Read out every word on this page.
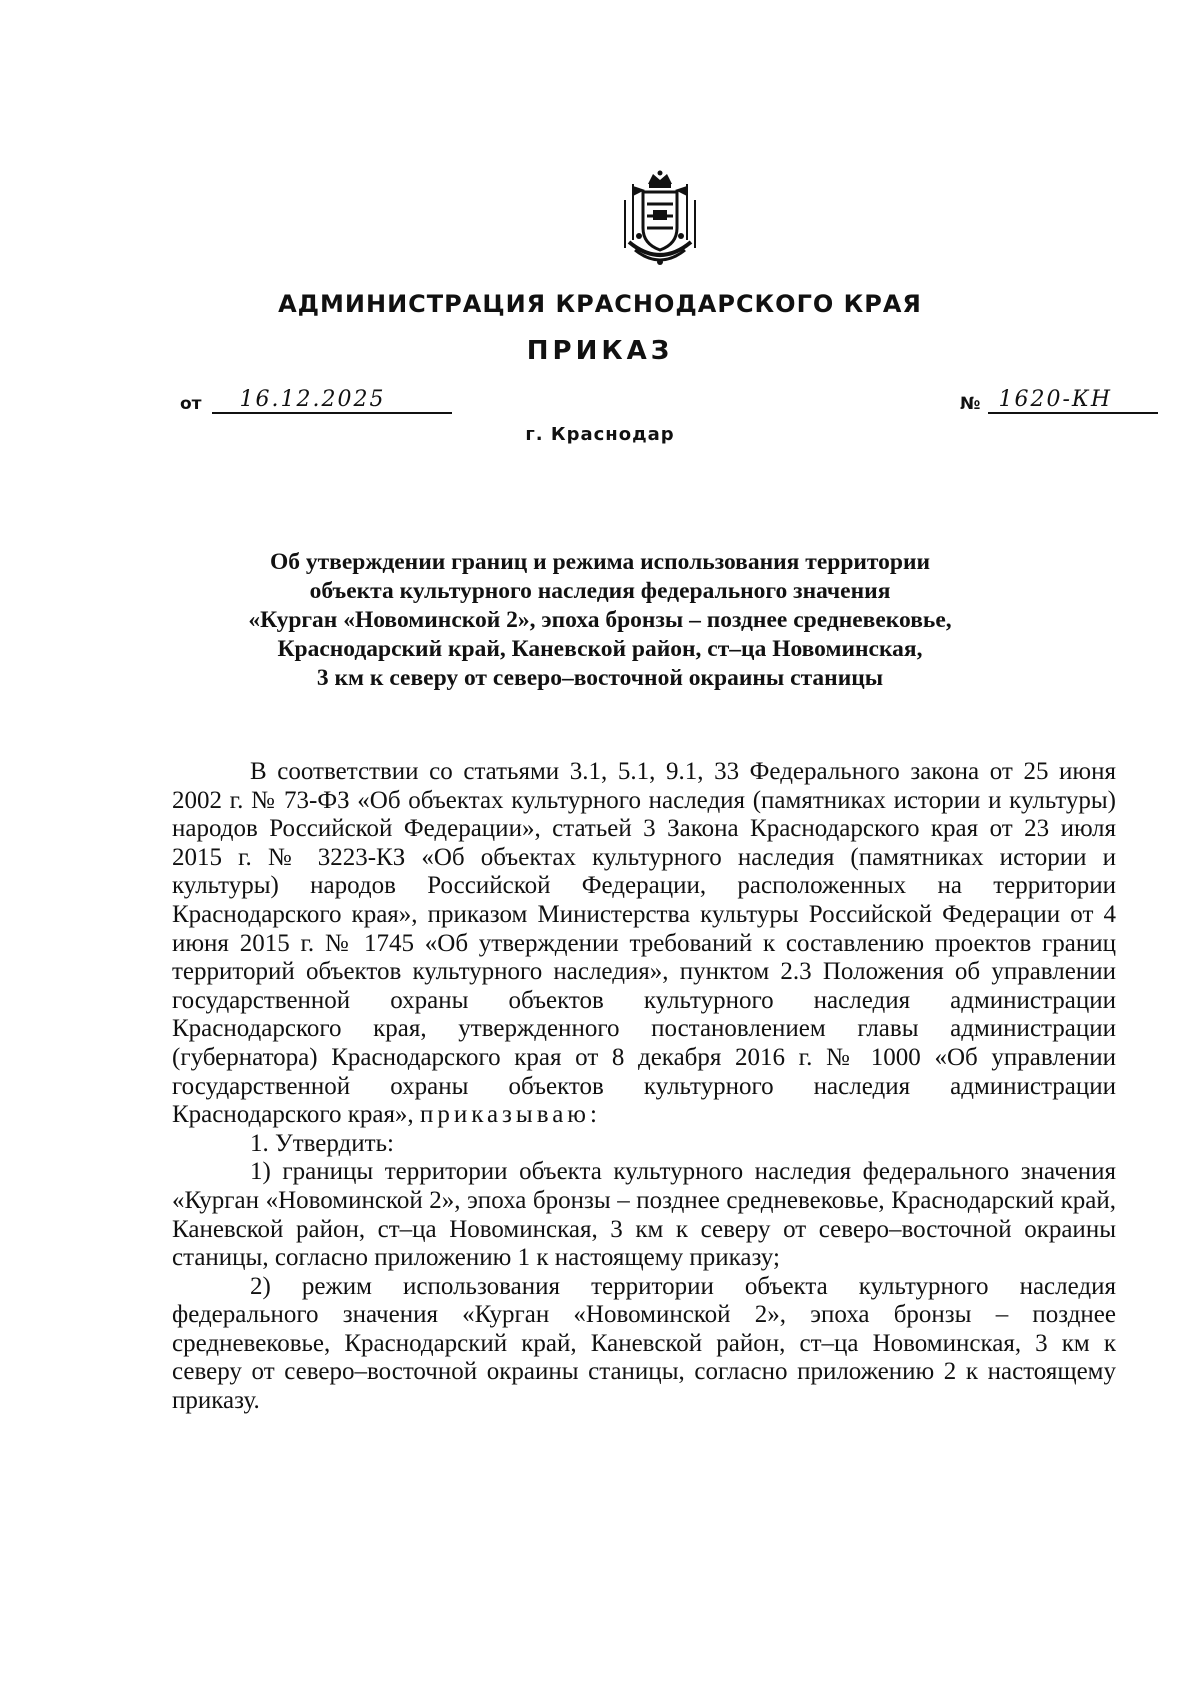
АДМИНИСТРАЦИЯ КРАСНОДАРСКОГО КРАЯ
ПРИКАЗ
от 16.12.2025	№ 1620-КН
г. Краснодар
Об утверждении границ и режима использования территории
объекта культурного наследия федерального значения
«Курган «Новоминской 2», эпоха бронзы – позднее средневековье,
Краснодарский край, Каневской район, ст–ца Новоминская,
3 км к северу от северо–восточной окраины станицы

В соответствии со статьями 3.1, 5.1, 9.1, 33 Федерального закона от 25 июня 2002 г. № 73-ФЗ «Об объектах культурного наследия (памятниках истории и культуры) народов Российской Федерации», статьей 3 Закона Краснодарского края от 23 июля 2015 г. № 3223-КЗ «Об объектах культурного наследия (памятниках истории и культуры) народов Российской Федерации, расположенных на территории Краснодарского края», приказом Министерства культуры Российской Федерации от 4 июня 2015 г. № 1745 «Об утверждении требований к составлению проектов границ территорий объектов культурного наследия», пунктом 2.3 Положения об управлении государственной охраны объектов культурного наследия администрации Краснодарского края, утвержденного постановлением главы администрации (губернатора) Краснодарского края от 8 декабря 2016 г. № 1000 «Об управлении государственной охраны объектов культурного наследия администрации Краснодарского края», приказываю:

1. Утвердить:

1) границы территории объекта культурного наследия федерального значения «Курган «Новоминской 2», эпоха бронзы – позднее средневековье, Краснодарский край, Каневской район, ст–ца Новоминская, 3 км к северу от северо–восточной окраины станицы, согласно приложению 1 к настоящему приказу;

2) режим использования территории объекта культурного наследия федерального значения «Курган «Новоминской 2», эпоха бронзы – позднее средневековье, Краснодарский край, Каневской район, ст–ца Новоминская, 3 км к северу от северо–восточной окраины станицы, согласно приложению 2 к настоящему приказу.
